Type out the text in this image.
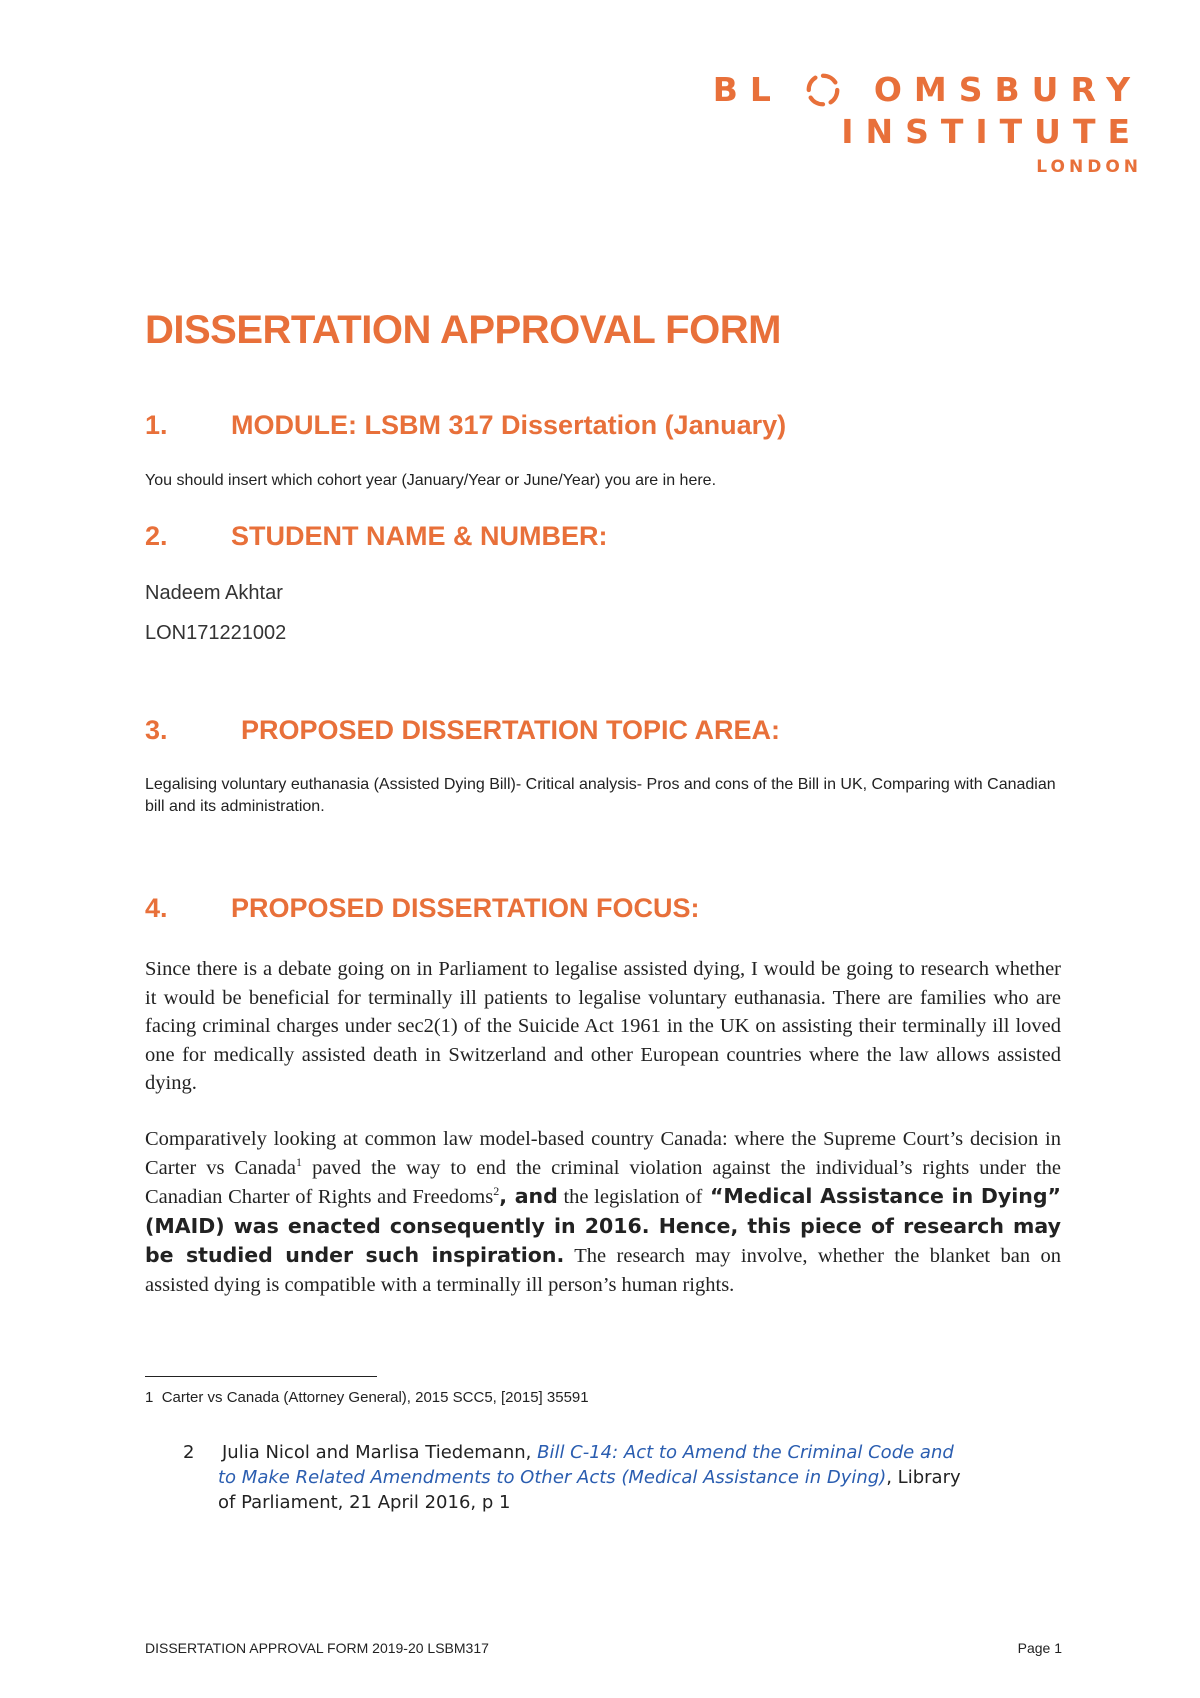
BL	OMSBURY
INSTITUTE
LONDON
DISSERTATION APPROVAL FORM
1. MODULE: LSBM 317 Dissertation (January)
You should insert which cohort year (January/Year or June/Year) you are in here.
2. STUDENT NAME & NUMBER:
Nadeem Akhtar
LON171221002
3.	PROPOSED DISSERTATION TOPIC AREA:
Legalising voluntary euthanasia (Assisted Dying Bill)- Critical analysis- Pros and cons of the Bill in UK, Comparing with Canadian bill and its administration.
4. PROPOSED DISSERTATION FOCUS:
Since there is a debate going on in Parliament to legalise assisted dying, I would be going to research whether it would be beneficial for terminally ill patients to legalise voluntary euthanasia. There are families who are facing criminal charges under sec2(1) of the Suicide Act 1961 in the UK on assisting their terminally ill loved one for medically assisted death in Switzerland and other European countries where the law allows assisted dying.
Comparatively looking at common law model-based country Canada: where the Supreme Court’s decision in Carter vs Canada$^1$ paved the way to end the criminal violation against the individual’s rights under the Canadian Charter of Rights and Freedoms$^2$, and the legislation of “Medical Assistance in Dying” (MAID) was enacted consequently in 2016. Hence, this piece of research may be studied under such inspiration. The research may involve, whether the blanket ban on assisted dying is compatible with a terminally ill person’s human rights.
1 Carter vs Canada (Attorney General), 2015 SCC5, [2015] 35591
2 Julia Nicol and Marlisa Tiedemann, Bill C-14: Act to Amend the Criminal Code and
to Make Related Amendments to Other Acts (Medical Assistance in Dying), Library
of Parliament, 21 April 2016, p 1
DISSERTATION APPROVAL FORM 2019-20 LSBM317	Page 1
